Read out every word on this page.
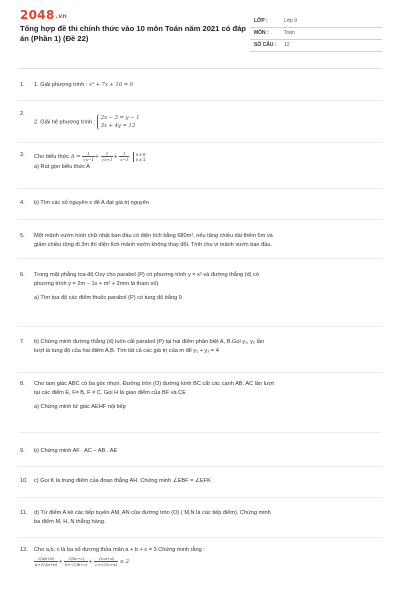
2048.vn
Tổng hợp đề thi chính thức vào 10 môn Toán năm 2021 có đáp án (Phần 1) (Đề 22)
LỚP :	Lớp 9
MÔN :	Toán
SỐ CÂU : 12
1. 1. Giải phương trình : x³ + 7x + 10 = 0
2.
2. Giải hệ phương trình :
2x − 3 = y − 1
3x + 4y = 13
3. Cho biểu thức $A = \frac{1}{√x-1} + \frac{1}{√x+1} + \frac{1}{x-1}$
x ≥ 0
x ≠ 1
a) Rút gọn biểu thức A
4. b) Tìm các số nguyên x để A đạt giá trị nguyên
5. Một mảnh vườn hình chữ nhật ban đầu có diện tích bằng 680m², nếu tăng chiều dài thêm 6m và
giảm chiều rộng đi 3m thì diện tích mảnh vườn không thay đổi. Tính chu vi mảnh vườn ban đầu.
6. Trong mặt phẳng tọa độ Oxy cho parabol (P) có phương trình y = x² và đường thẳng (d) có
phương trình y = 2m − 1x + m² + 2mm là tham số)
a) Tìm tọa độ các điểm thuộc parabol (P) có tung độ bằng 9
7. b) Chứng minh đường thẳng (d) luôn cắt parabol (P) tại hai điểm phân biệt A, B.Gọi y₁, y₂ lần
lượt là tung độ của hai điểm A,B. Tìm tất cả các giá trị của m để y₁ + y₂ = 4
8. Cho tam giác ABC có ba góc nhọn. Đường tròn (O) đường kính BC cắt các cạnh AB, AC lần lượt
tại các điểm E, F≠ B, F ≠ C. Gọi H là giao điểm của BF và CE
a) Chứng minh tứ giác AEHF nội tiếp
9. b) Chứng minh AF . AC − AB . AE
10. c) Gọi K là trung điểm của đoạn thẳng AH. Chứng minh ∠EBF = ∠EFK
11. d) Từ điểm A kẻ các tiếp tuyến AM, AN của đường tròn (O) ( M,N là các tiếp điểm). Chứng minh
ba điểm M, H, N thẳng hàng.
12. Cho a,b, c là ba số dương thỏa mãn a + b + c = 3.Chứng minh rằng :
$\frac{√(ab+b)}{a+√(3a+b)} + \frac{√(bc+c)}{b+√(3b+c)} + \frac{√(ca+a)}{c+√(3c+a)} \ge 2$
